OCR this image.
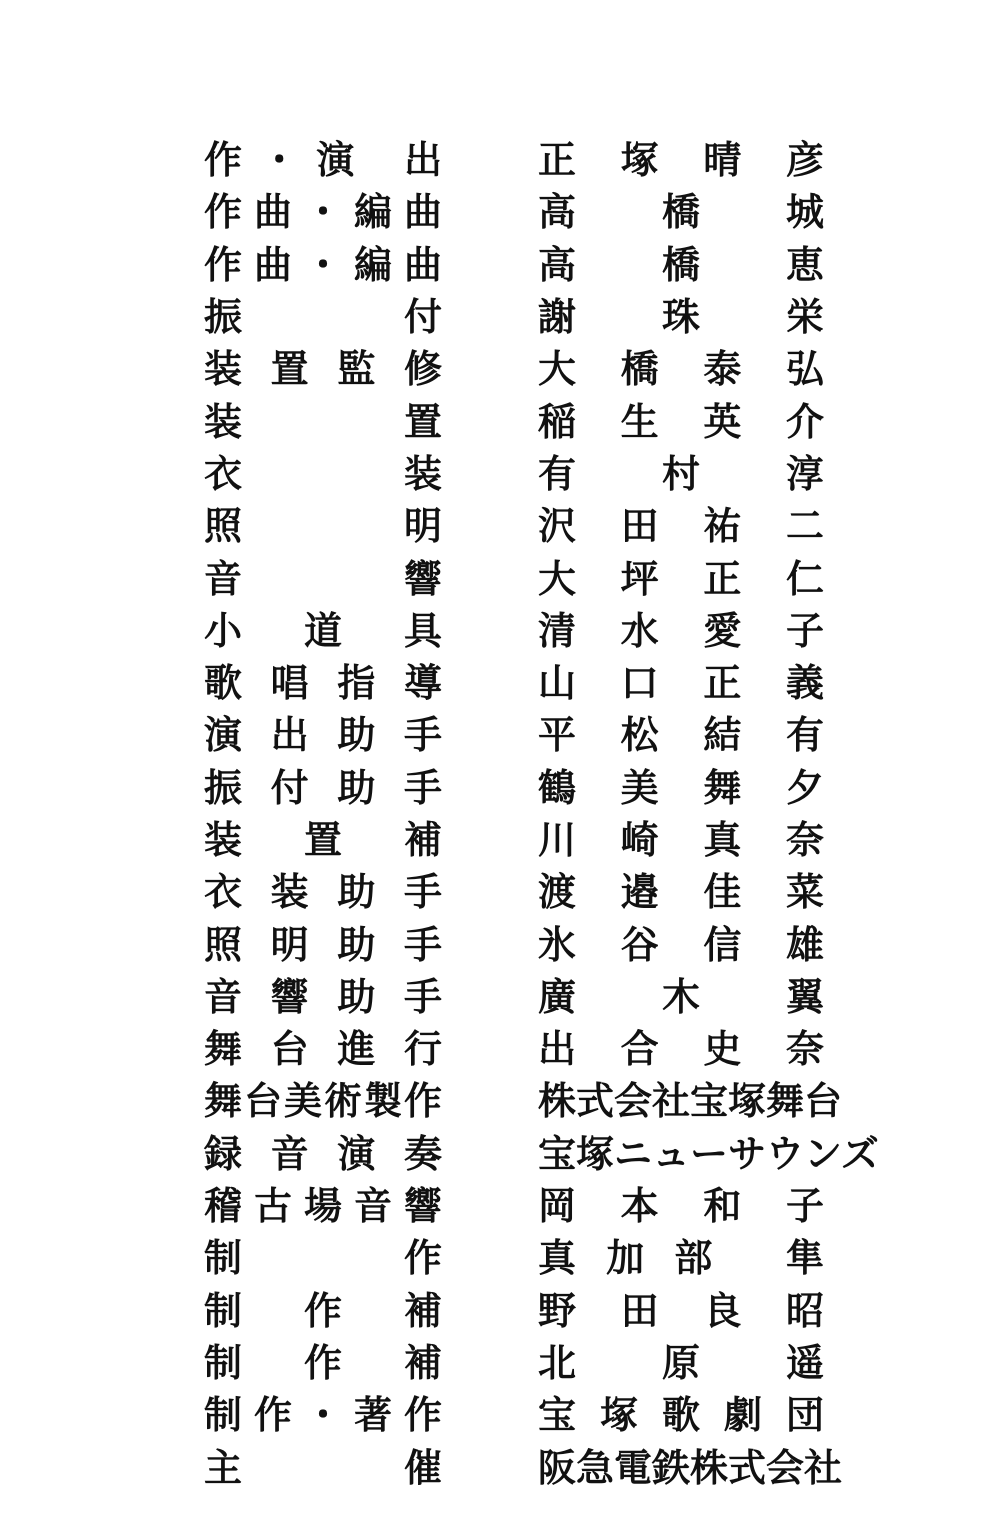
作・演 出	正 塚 晴 彦
作曲・編曲	高 橋 城
作曲・編曲	高 橋 恵
振 付	謝 珠 栄
装 置 監 修	大 橋 泰 弘
装 置	稲 生 英 介
衣 装	有 村 淳
照 明	沢 田 祐 二
音 響	大 坪 正 仁
小 道 具	清 水 愛 子
歌 唱 指 導	山 口 正 義
演 出 助 手	平 松 結 有
振 付 助 手	鶴 美 舞 夕
装 置 補	川 崎 真 奈
衣 装 助 手	渡 邉 佳 菜
照 明 助 手	氷 谷 信 雄
音 響 助 手	廣 木 翼
舞 台 進 行	出 合 史 奈
舞台美術製作	株式会社宝塚舞台
録 音 演 奏	宝塚ニューサウンズ
稽古場音響	岡 本 和 子
制 作	真加部 隼
制 作 補	野 田 良 昭
制 作 補	北 原 遥
制作・著作	宝 塚 歌 劇 団
主 催	阪急電鉄株式会社
